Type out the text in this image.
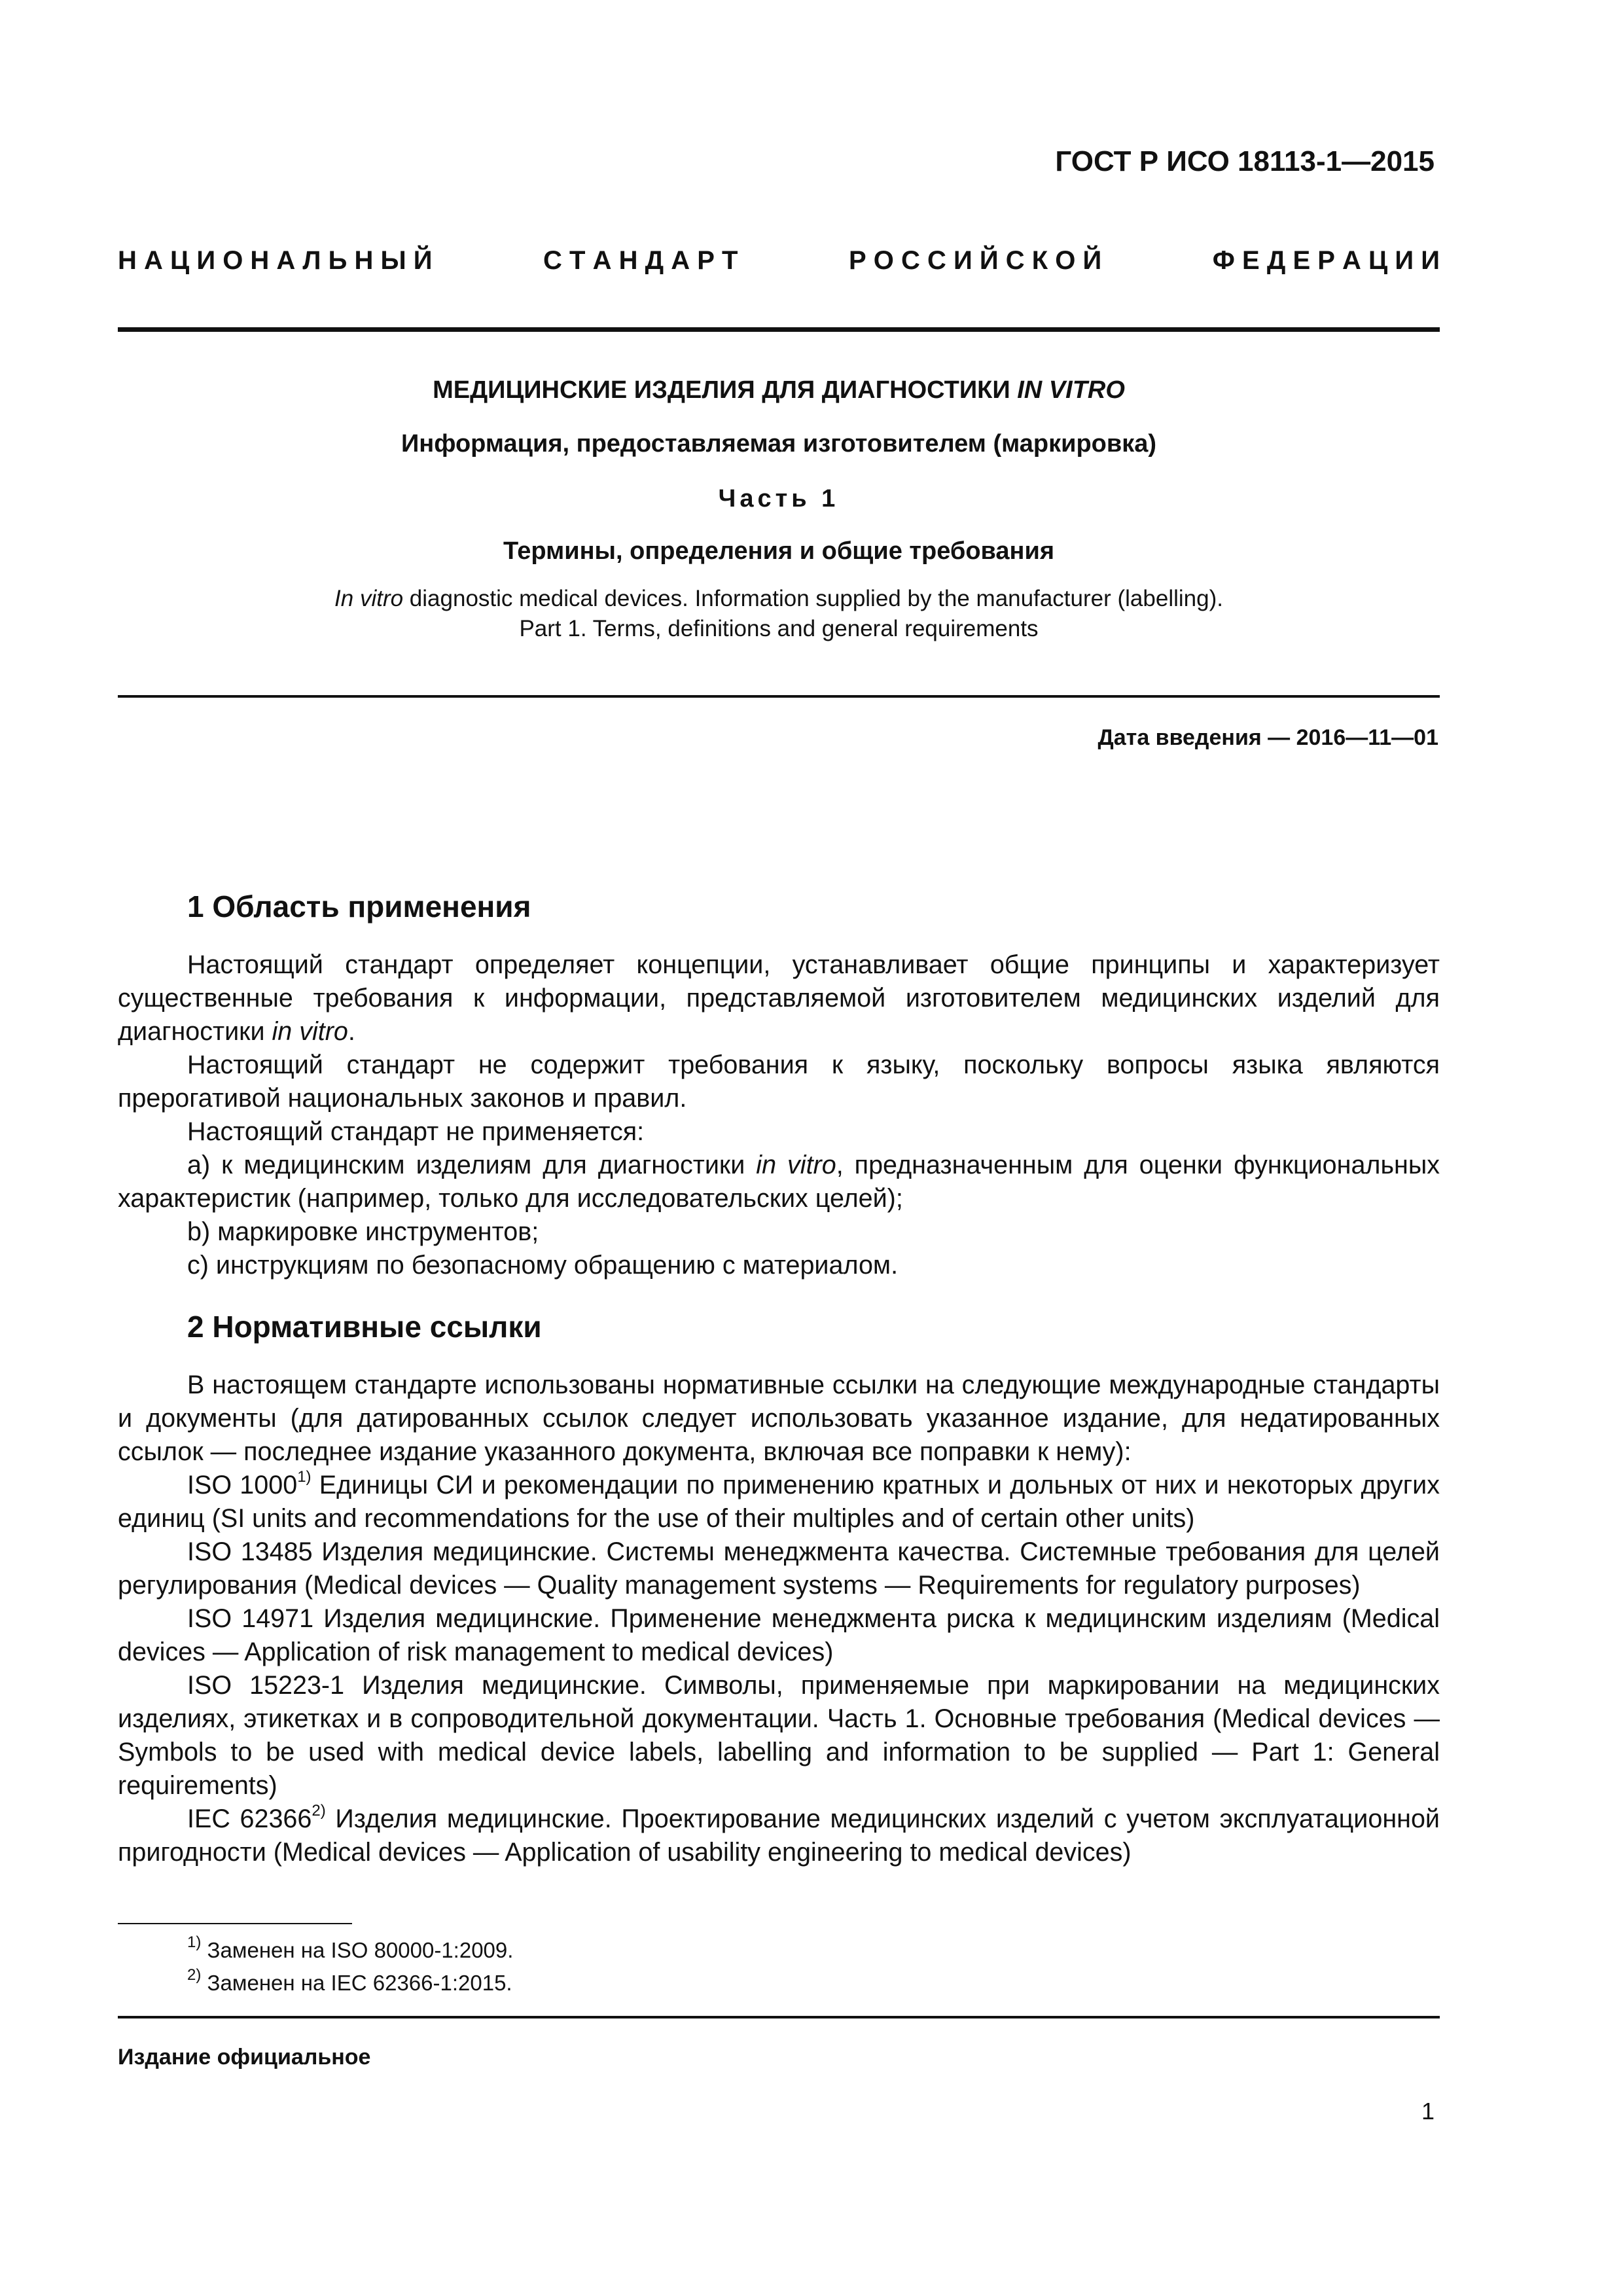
ГОСТ Р ИСО 18113-1—2015

Н А Ц И О Н А Л Ь Н Ы Й	С Т А Н Д А Р Т	Р О С С И Й С К О Й	Ф Е Д Е Р А Ц И И

МЕДИЦИНСКИЕ ИЗДЕЛИЯ ДЛЯ ДИАГНОСТИКИ IN VITRO

Информация, предоставляемая изготовителем (маркировка)

Часть 1

Термины, определения и общие требования

In vitro diagnostic medical devices. Information supplied by the manufacturer (labelling).
Part 1. Terms, definitions and general requirements

Дата введения — 2016—11—01

1 Область применения

Настоящий стандарт определяет концепции, устанавливает общие принципы и характеризует существенные требования к информации, представляемой изготовителем медицинских изделий для диагностики in vitro.

Настоящий стандарт не содержит требования к языку, поскольку вопросы языка являются прерогативой национальных законов и правил.

Настоящий стандарт не применяется:

a) к медицинским изделиям для диагностики in vitro, предназначенным для оценки функциональных характеристик (например, только для исследовательских целей);

b) маркировке инструментов;

c) инструкциям по безопасному обращению с материалом.

2 Нормативные ссылки

В настоящем стандарте использованы нормативные ссылки на следующие международные стандарты и документы (для датированных ссылок следует использовать указанное издание, для недатированных ссылок — последнее издание указанного документа, включая все поправки к нему):

ISO 1000$^{1)}$ Единицы СИ и рекомендации по применению кратных и дольных от них и некоторых других единиц (SI units and recommendations for the use of their multiples and of certain other units)

ISO 13485 Изделия медицинские. Системы менеджмента качества. Системные требования для целей регулирования (Medical devices — Quality management systems — Requirements for regulatory purposes)

ISO 14971 Изделия медицинские. Применение менеджмента риска к медицинским изделиям (Medical devices — Application of risk management to medical devices)

ISO 15223-1 Изделия медицинские. Символы, применяемые при маркировании на медицинских изделиях, этикетках и в сопроводительной документации. Часть 1. Основные требования (Medical devices — Symbols to be used with medical device labels, labelling and information to be supplied — Part 1: General requirements)

IEC 62366$^{2)}$ Изделия медицинские. Проектирование медицинских изделий с учетом эксплуатационной пригодности (Medical devices — Application of usability engineering to medical devices)

$^{1)}$ Заменен на ISO 80000-1:2009.

$^{2)}$ Заменен на IEC 62366-1:2015.

Издание официальное

1
